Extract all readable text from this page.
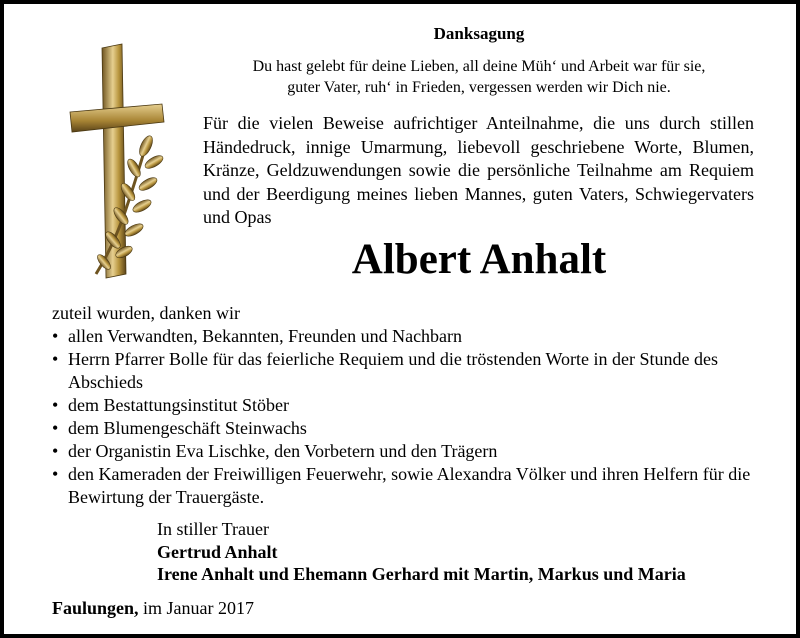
Danksagung
Du hast gelebt für deine Lieben, all deine Müh‘ und Arbeit war für sie,
guter Vater, ruh‘ in Frieden, vergessen werden wir Dich nie.
Für die vielen Beweise aufrichtiger Anteilnahme, die uns durch stillen Händedruck, innige Umarmung, liebevoll geschriebene Worte, Blumen, Kränze, Geldzuwendungen sowie die persönliche Teilnahme am Requiem und der Beerdigung meines lieben Mannes, guten Vaters, Schwiegervaters und Opas
Albert Anhalt

zuteil wurden, danken wir

• allen Verwandten, Bekannten, Freunden und Nachbarn
• Herrn Pfarrer Bolle für das feierliche Requiem und die tröstenden Worte in der Stunde des Abschieds
• dem Bestattungsinstitut Stöber
• dem Blumengeschäft Steinwachs
• der Organistin Eva Lischke, den Vorbetern und den Trägern
• den Kameraden der Freiwilligen Feuerwehr, sowie Alexandra Völker und ihren Helfern für die Bewirtung der Trauergäste.
In stiller Trauer
Gertrud Anhalt
Irene Anhalt und Ehemann Gerhard mit Martin, Markus und Maria
Faulungen, im Januar 2017
